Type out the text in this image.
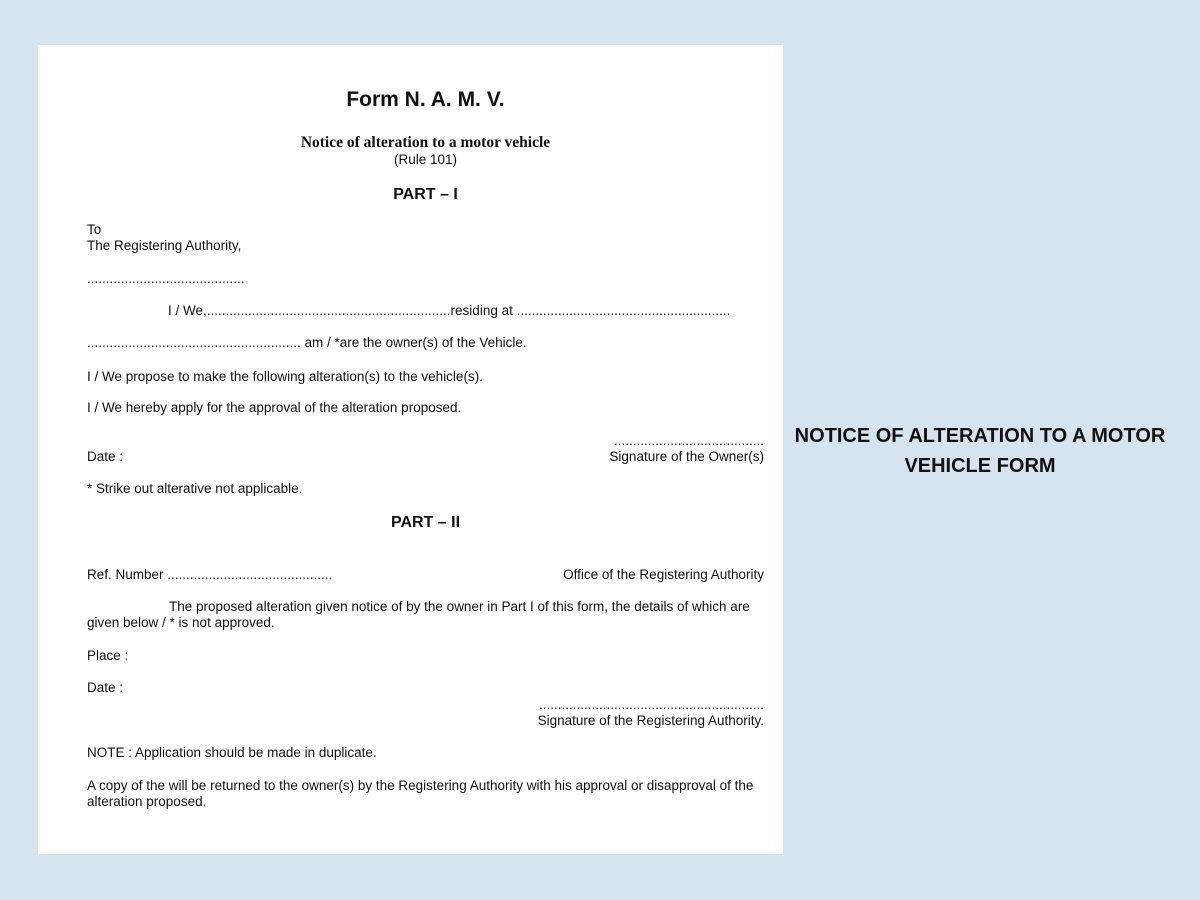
Form N. A. M. V.
Notice of alteration to a motor vehicle
(Rule 101)
PART – I
To
The Registering Authority,
..........................................
I / We,.................................................................residing at .........................................................
......................................................... am / *are the owner(s) of the Vehicle.
I / We propose to make the following alteration(s) to the vehicle(s).
I / We hereby apply for the approval of the alteration proposed.
........................................
Date :	Signature of the Owner(s)
* Strike out alterative not applicable.
PART – II
Ref. Number ............................................	Office of the Registering Authority
The proposed alteration given notice of by the owner in Part I of this form, the details of which are given below / * is not approved.
Place :
Date :
............................................................
Signature of the Registering Authority.
NOTE : Application should be made in duplicate.
A copy of the will be returned to the owner(s) by the Registering Authority with his approval or disapproval of the alteration proposed.
NOTICE OF ALTERATION TO A MOTOR VEHICLE FORM
